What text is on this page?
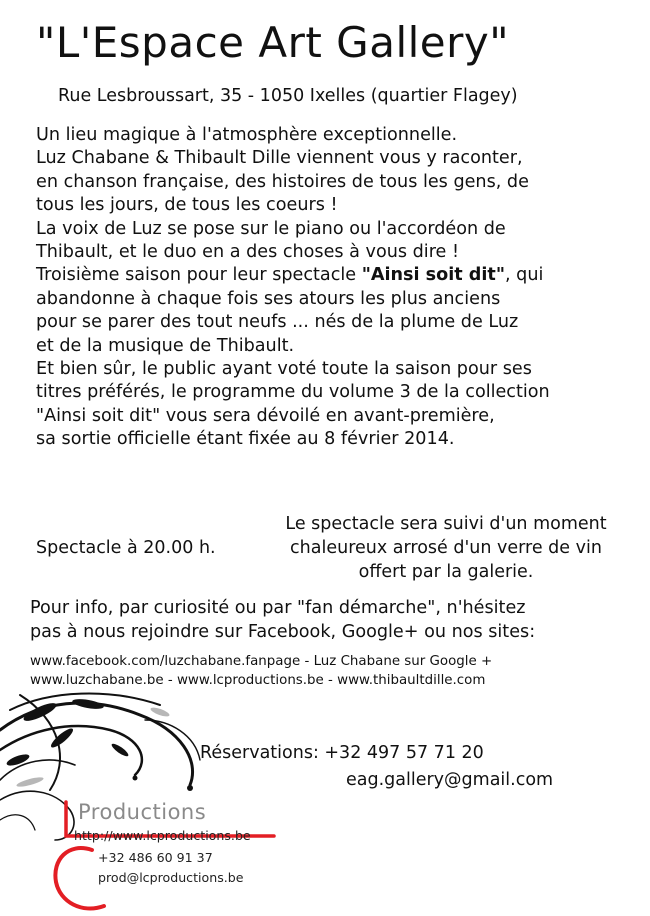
"L'Espace Art Gallery"
Rue Lesbroussart, 35 - 1050 Ixelles (quartier Flagey)
Un lieu magique à l'atmosphère exceptionnelle.
Luz Chabane & Thibault Dille viennent vous y raconter,
en chanson française, des histoires de tous les gens, de
tous les jours, de tous les coeurs !
La voix de Luz se pose sur le piano ou l'accordéon de
Thibault, et le duo en a des choses à vous dire !
Troisième saison pour leur spectacle "Ainsi soit dit", qui
abandonne à chaque fois ses atours les plus anciens
pour se parer des tout neufs ... nés de la plume de Luz
et de la musique de Thibault.
Et bien sûr, le public ayant voté toute la saison pour ses
titres préférés, le programme du volume 3 de la collection
"Ainsi soit dit" vous sera dévoilé en avant-première,
sa sortie officielle étant fixée au 8 février 2014.
Spectacle à 20.00 h.
Le spectacle sera suivi d'un moment
chaleureux arrosé d'un verre de vin
offert par la galerie.
Pour info, par curiosité ou par "fan démarche", n'hésitez
pas à nous rejoindre sur Facebook, Google+ ou nos sites:
www.facebook.com/luzchabane.fanpage - Luz Chabane sur Google +
www.luzchabane.be - www.lcproductions.be - www.thibaultdille.com
Réservations: +32 497 57 71 20
eag.gallery@gmail.com
Productions
http://www.lcproductions.be
+32 486 60 91 37
prod@lcproductions.be
